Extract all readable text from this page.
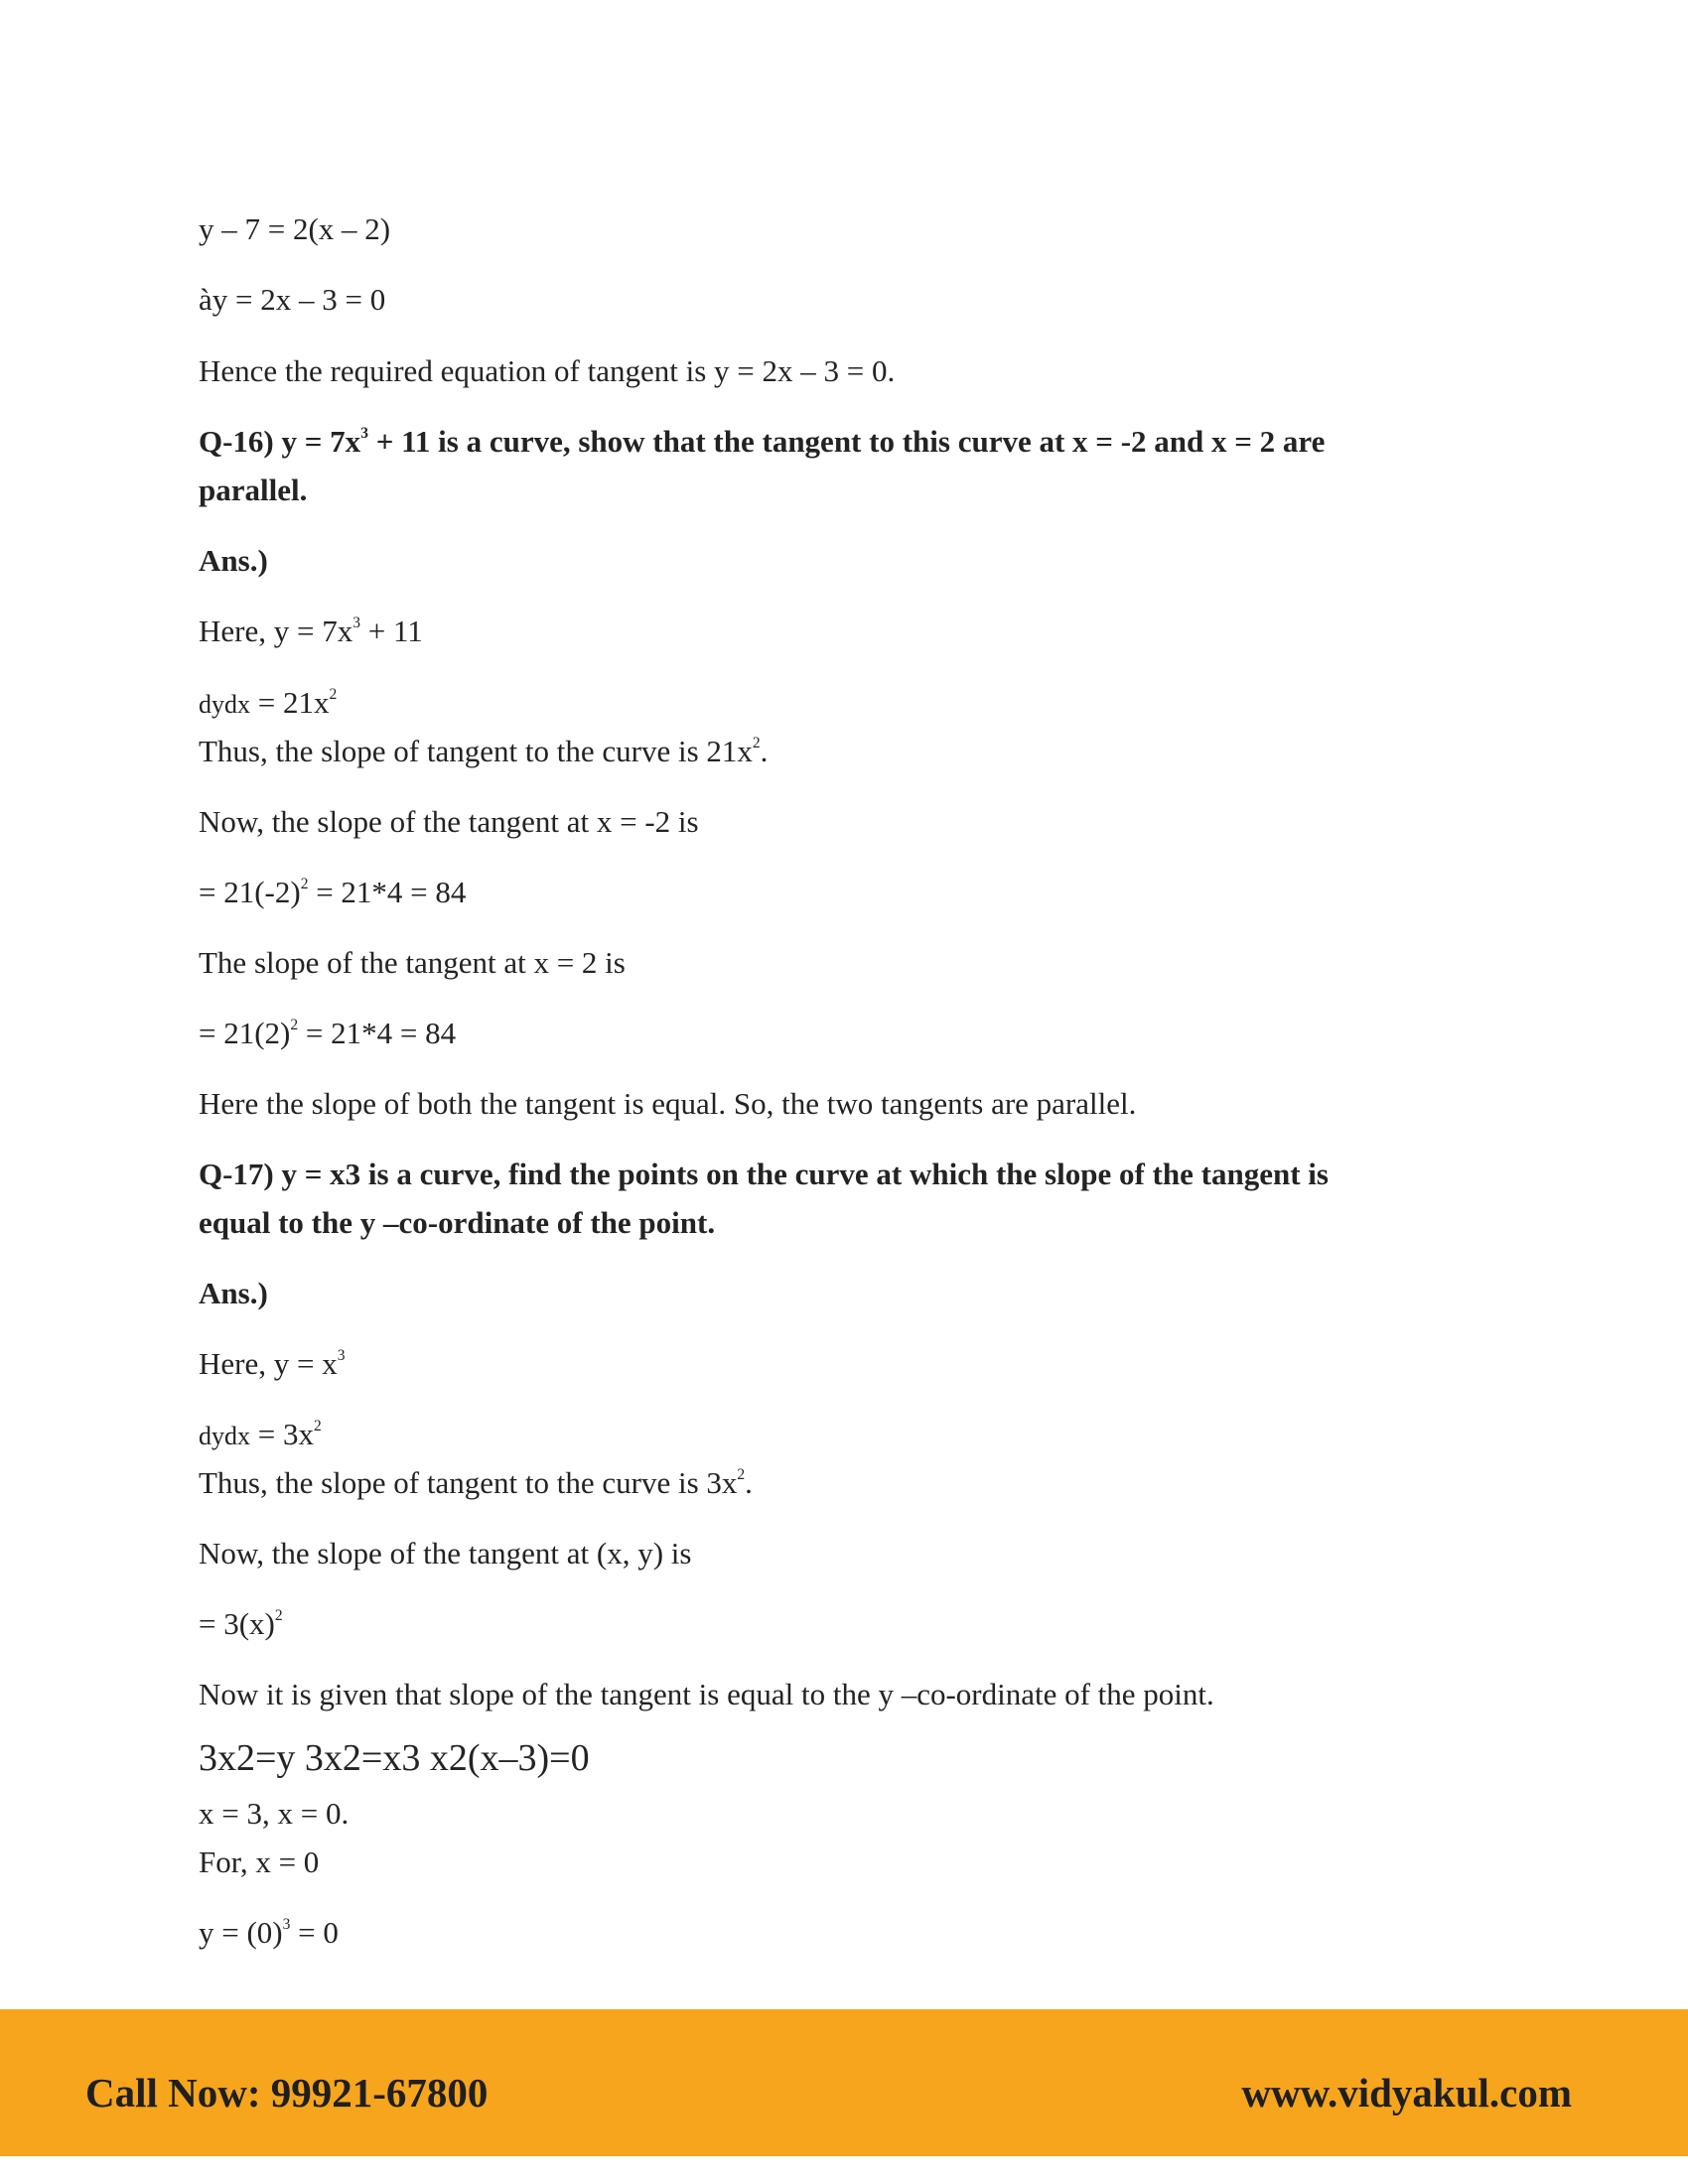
y – 7 = 2(x – 2)
ày = 2x – 3 = 0
Hence the required equation of tangent is y = 2x – 3 = 0.
Q-16) $y = 7x^3 + 11$ is a curve, show that the tangent to this curve at x = -2 and x = 2 are
parallel.
Ans.)
Here, $y = 7x^3 + 11$
dydx = $21x^2$
Thus, the slope of tangent to the curve is $21x^2$.
Now, the slope of the tangent at x = -2 is
= $21(-2)^2 = 21*4 = 84$
The slope of the tangent at x = 2 is
= $21(2)^2 = 21*4 = 84$
Here the slope of both the tangent is equal. So, the two tangents are parallel.
Q-17) y = x3 is a curve, find the points on the curve at which the slope of the tangent is
equal to the y –co-ordinate of the point.
Ans.)
Here, $y = x^3$
dydx = $3x^2$
Thus, the slope of tangent to the curve is $3x^2$.
Now, the slope of the tangent at (x, y) is
= $3(x)^2$
Now it is given that slope of the tangent is equal to the y –co-ordinate of the point.
3x2=y 3x2=x3 x2(x–3)=0
x = 3, x = 0.
For, x = 0
$y = (0)^3 = 0$
Call Now: 99921-67800	www.vidyakul.com
